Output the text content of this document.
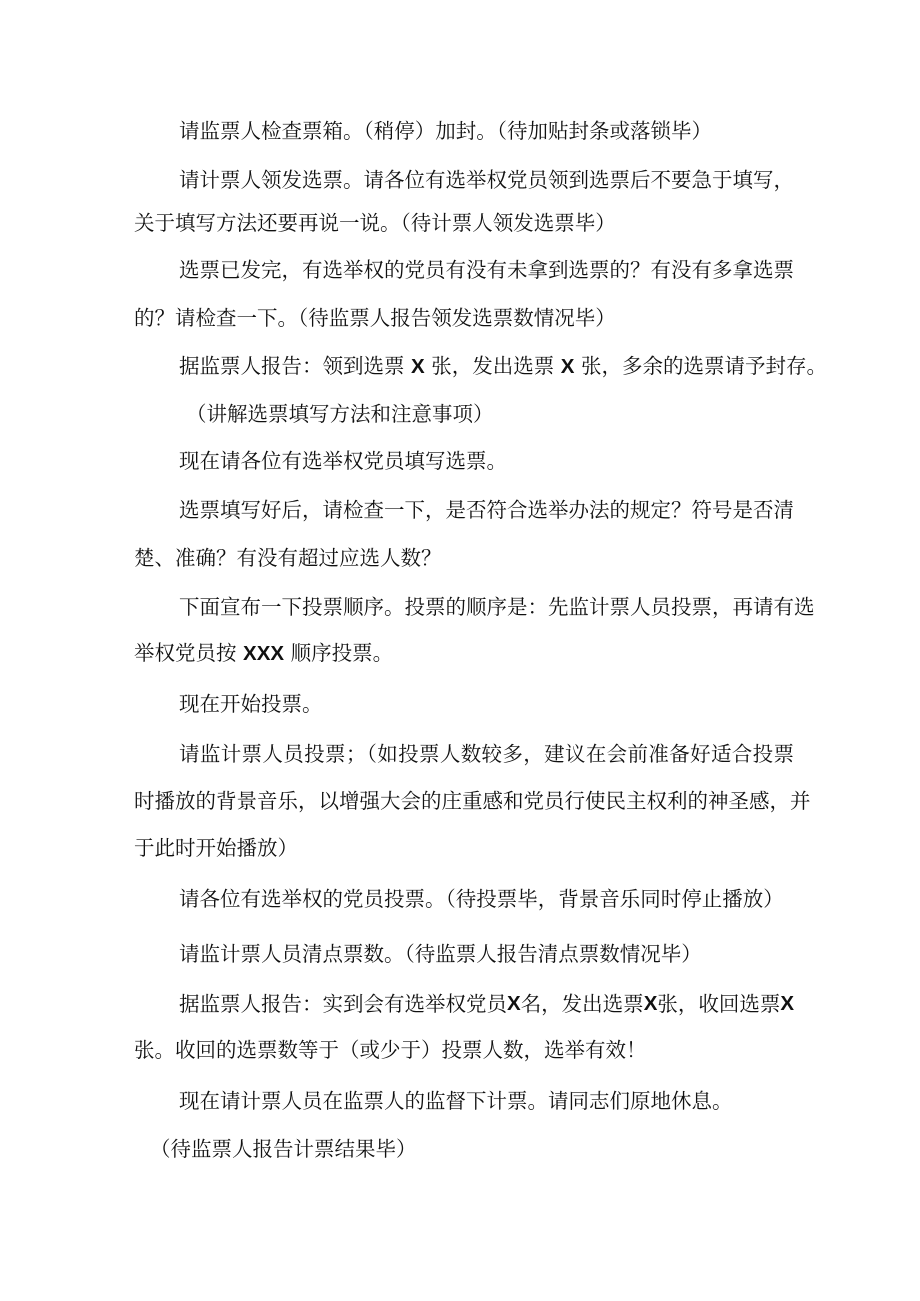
请监票人检查票箱。（稍停）加封。（待加贴封条或落锁毕）
请计票人领发选票。请各位有选举权党员领到选票后不要急于填写，
关于填写方法还要再说一说。（待计票人领发选票毕）
选票已发完，有选举权的党员有没有未拿到选票的？有没有多拿选票
的？请检查一下。（待监票人报告领发选票数情况毕）
据监票人报告：领到选票 X 张，发出选票 X 张，多余的选票请予封存。
（讲解选票填写方法和注意事项）
现在请各位有选举权党员填写选票。
选票填写好后，请检查一下，是否符合选举办法的规定？符号是否清
楚、准确？有没有超过应选人数？
下面宣布一下投票顺序。投票的顺序是：先监计票人员投票，再请有选
举权党员按 XXX 顺序投票。
现在开始投票。
请监计票人员投票；（如投票人数较多，建议在会前准备好适合投票
时播放的背景音乐，以增强大会的庄重感和党员行使民主权利的神圣感，并
于此时开始播放）
请各位有选举权的党员投票。（待投票毕，背景音乐同时停止播放）
请监计票人员清点票数。（待监票人报告清点票数情况毕）
据监票人报告：实到会有选举权党员 X 名，发出选票 X 张，收回选票 X
张。收回的选票数等于（或少于）投票人数，选举有效！
现在请计票人员在监票人的监督下计票。请同志们原地休息。
（待监票人报告计票结果毕）
